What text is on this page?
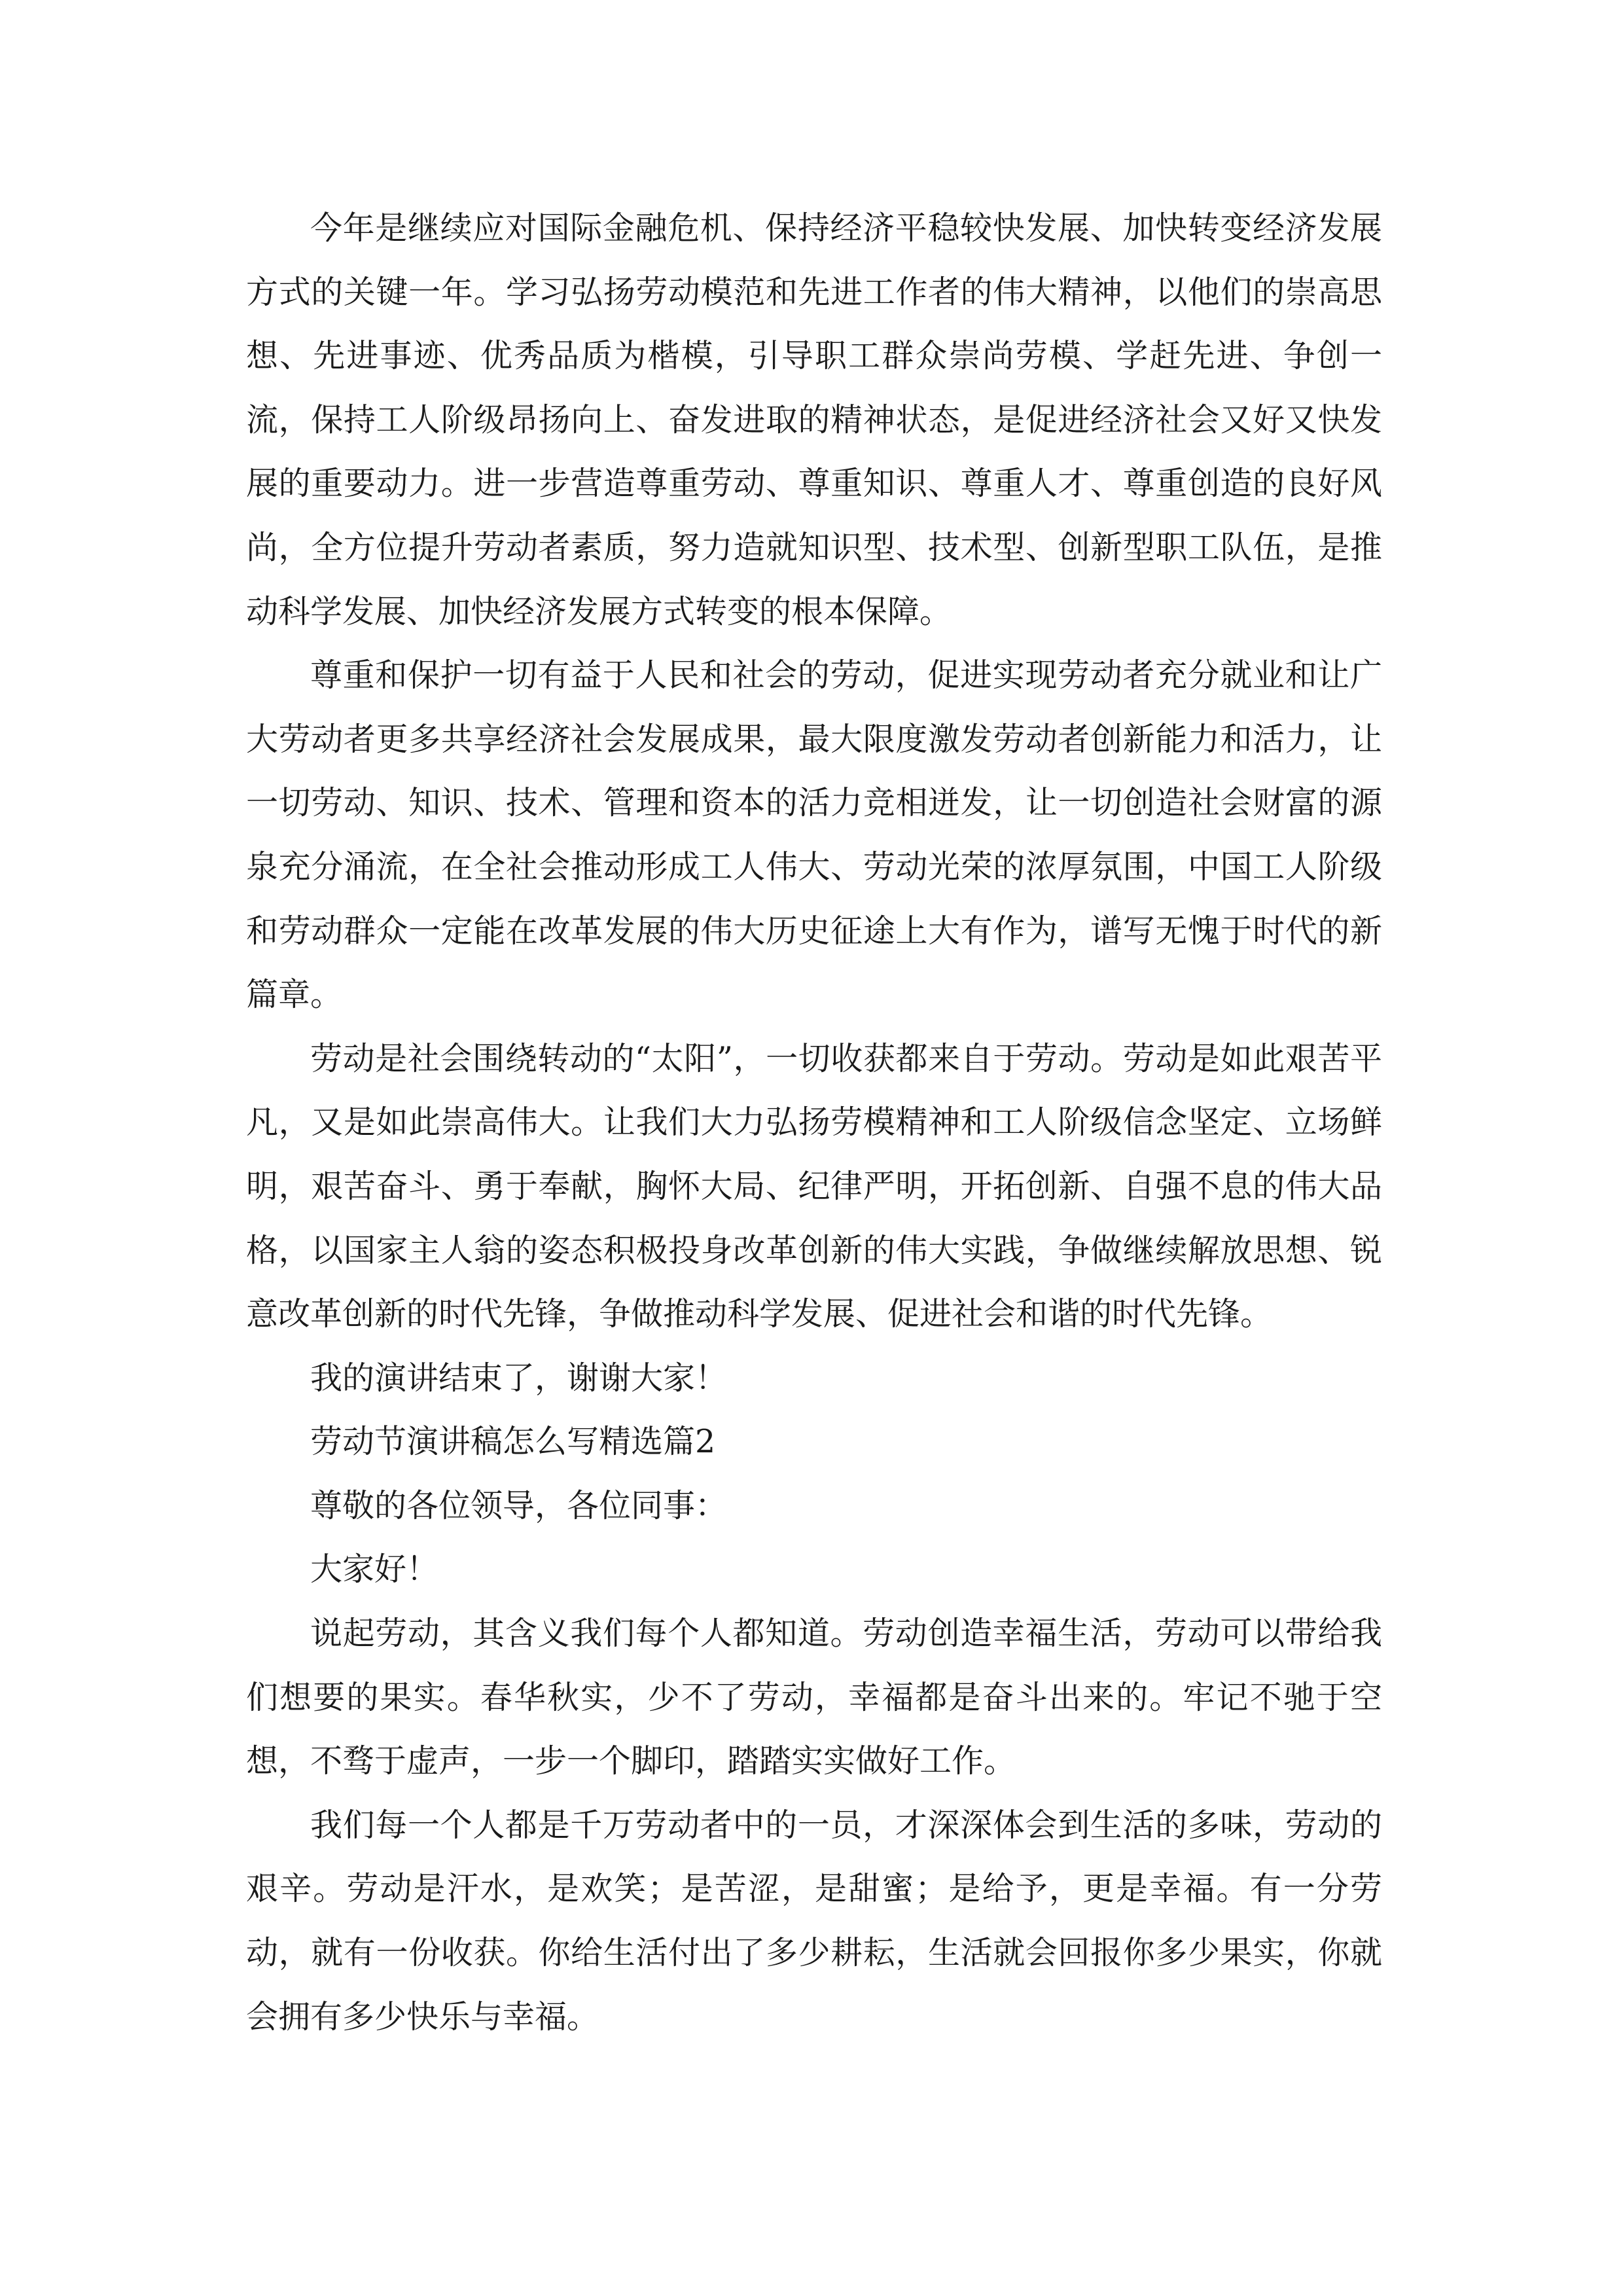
今年是继续应对国际金融危机、保持经济平稳较快发展、加快转变经济发展方式的关键一年。学习弘扬劳动模范和先进工作者的伟大精神，以他们的崇高思想、先进事迹、优秀品质为楷模，引导职工群众崇尚劳模、学赶先进、争创一流，保持工人阶级昂扬向上、奋发进取的精神状态，是促进经济社会又好又快发展的重要动力。进一步营造尊重劳动、尊重知识、尊重人才、尊重创造的良好风尚，全方位提升劳动者素质，努力造就知识型、技术型、创新型职工队伍，是推动科学发展、加快经济发展方式转变的根本保障。

尊重和保护一切有益于人民和社会的劳动，促进实现劳动者充分就业和让广大劳动者更多共享经济社会发展成果，最大限度激发劳动者创新能力和活力，让一切劳动、知识、技术、管理和资本的活力竞相迸发，让一切创造社会财富的源泉充分涌流，在全社会推动形成工人伟大、劳动光荣的浓厚氛围，中国工人阶级和劳动群众一定能在改革发展的伟大历史征途上大有作为，谱写无愧于时代的新篇章。

劳动是社会围绕转动的“太阳”，一切收获都来自于劳动。劳动是如此艰苦平凡，又是如此崇高伟大。让我们大力弘扬劳模精神和工人阶级信念坚定、立场鲜明，艰苦奋斗、勇于奉献，胸怀大局、纪律严明，开拓创新、自强不息的伟大品格，以国家主人翁的姿态积极投身改革创新的伟大实践，争做继续解放思想、锐意改革创新的时代先锋，争做推动科学发展、促进社会和谐的时代先锋。

我的演讲结束了，谢谢大家！

劳动节演讲稿怎么写精选篇2

尊敬的各位领导，各位同事：

大家好！

说起劳动，其含义我们每个人都知道。劳动创造幸福生活，劳动可以带给我们想要的果实。春华秋实，少不了劳动，幸福都是奋斗出来的。牢记不驰于空想，不骛于虚声，一步一个脚印，踏踏实实做好工作。

我们每一个人都是千万劳动者中的一员，才深深体会到生活的多味，劳动的艰辛。劳动是汗水，是欢笑；是苦涩，是甜蜜；是给予，更是幸福。有一分劳动，就有一份收获。你给生活付出了多少耕耘，生活就会回报你多少果实，你就会拥有多少快乐与幸福。
